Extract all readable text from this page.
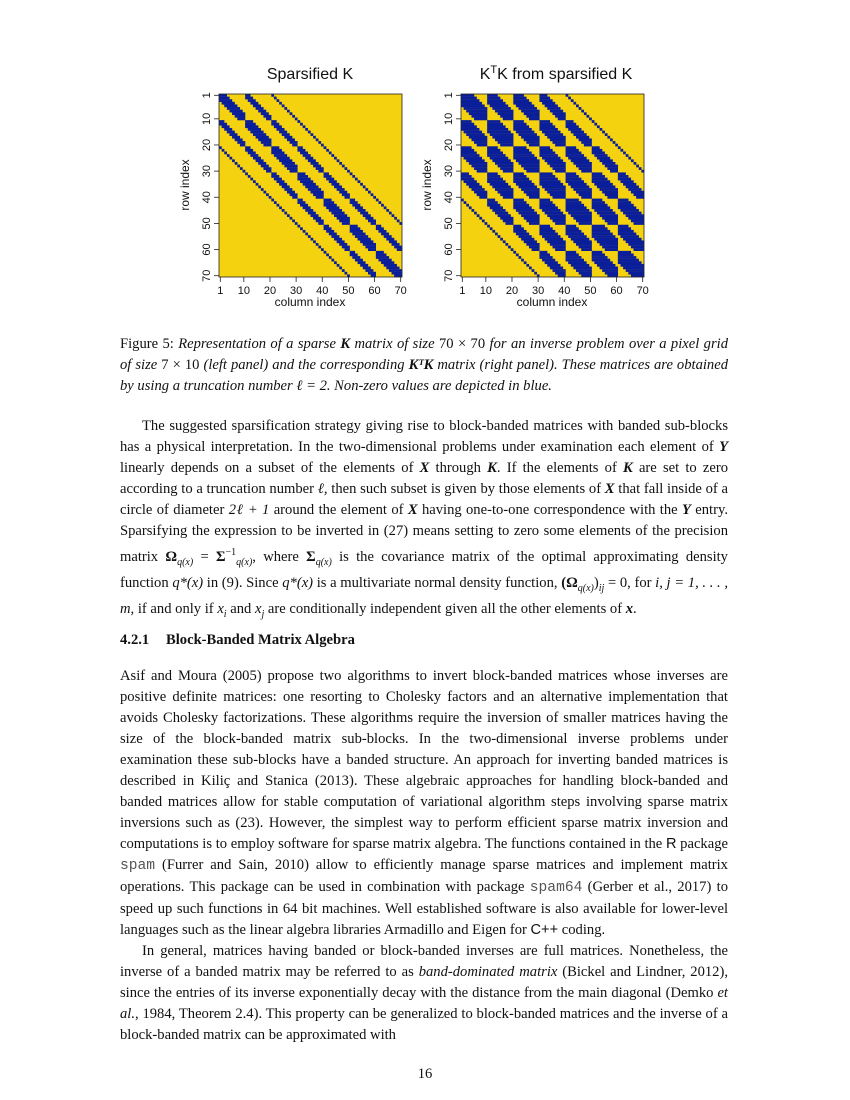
Sparsified K
1 10 20 30 40 50 60 70
1
10
20
30
40
50
60
70
column index
row index
$K^TK$ from sparsified K
1 10 20 30 40 50 60 70
1
10
20
30
40
50
60
70
column index
row index
Figure 5: Representation of a sparse K matrix of size 70 × 70 for an inverse problem over a pixel grid of size 7 × 10 (left panel) and the corresponding KᵀK matrix (right panel). These matrices are obtained by using a truncation number ℓ = 2. Non-zero values are depicted in blue.

The suggested sparsification strategy giving rise to block-banded matrices with banded sub-blocks has a physical interpretation. In the two-dimensional problems under examination each element of Y linearly depends on a subset of the elements of X through K. If the elements of K are set to zero according to a truncation number ℓ, then such subset is given by those elements of X that fall inside of a circle of diameter 2ℓ + 1 around the element of X having one-to-one correspondence with the Y entry. Sparsifying the expression to be inverted in (27) means setting to zero some elements of the precision matrix $\Omega_{q(x)} = \Sigma^{-1}_{q(x)}$, where $\Sigma_{q(x)}$ is the covariance matrix of the optimal approximating density function q*(x) in (9). Since q*(x) is a multivariate normal density function, $(\Omega_{q(x)})_{ij} = 0$, for i, j = 1, . . . , m, if and only if $x_i$ and $x_j$ are conditionally independent given all the other elements of x.

4.2.1 Block-Banded Matrix Algebra

Asif and Moura (2005) propose two algorithms to invert block-banded matrices whose inverses are positive definite matrices: one resorting to Cholesky factors and an alternative implementation that avoids Cholesky factorizations. These algorithms require the inversion of smaller matrices having the size of the block-banded matrix sub-blocks. In the two-dimensional inverse problems under examination these sub-blocks have a banded structure. An approach for inverting banded matrices is described in Kiliç and Stanica (2013). These algebraic approaches for handling block-banded and banded matrices allow for stable computation of variational algorithm steps involving sparse matrix inversions such as (23). However, the simplest way to perform efficient sparse matrix inversion and computations is to employ software for sparse matrix algebra. The functions contained in the R package spam (Furrer and Sain, 2010) allow to efficiently manage sparse matrices and implement matrix operations. This package can be used in combination with package spam64 (Gerber et al., 2017) to speed up such functions in 64 bit machines. Well established software is also available for lower-level languages such as the linear algebra libraries Armadillo and Eigen for C++ coding.

In general, matrices having banded or block-banded inverses are full matrices. Nonetheless, the inverse of a banded matrix may be referred to as band-dominated matrix (Bickel and Lindner, 2012), since the entries of its inverse exponentially decay with the distance from the main diagonal (Demko et al., 1984, Theorem 2.4). This property can be generalized to block-banded matrices and the inverse of a block-banded matrix can be approximated with

16
